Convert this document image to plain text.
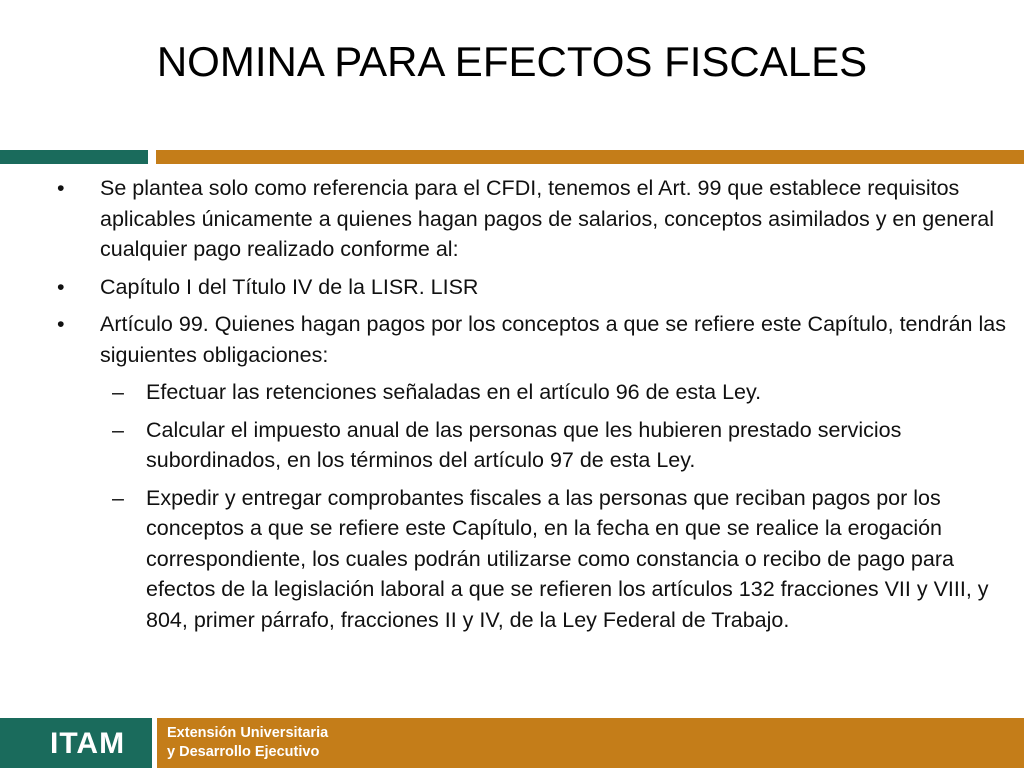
NOMINA PARA EFECTOS FISCALES
•	Se plantea solo como referencia para el CFDI, tenemos el Art. 99 que establece requisitos aplicables únicamente a quienes hagan pagos de salarios, conceptos asimilados y en general cualquier pago realizado conforme al:
•	Capítulo I del Título IV de la LISR. LISR
•	Artículo 99. Quienes hagan pagos por los conceptos a que se refiere este Capítulo, tendrán las siguientes obligaciones:
– Efectuar las retenciones señaladas en el artículo 96 de esta Ley.
– Calcular el impuesto anual de las personas que les hubieren prestado servicios subordinados, en los términos del artículo 97 de esta Ley.
– Expedir y entregar comprobantes fiscales a las personas que reciban pagos por los conceptos a que se refiere este Capítulo, en la fecha en que se realice la erogación correspondiente, los cuales podrán utilizarse como constancia o recibo de pago para efectos de la legislación laboral a que se refieren los artículos 132 fracciones VII y VIII, y 804, primer párrafo, fracciones II y IV, de la Ley Federal de Trabajo.
ITAM	Extensión Universitaria
y Desarrollo Ejecutivo
